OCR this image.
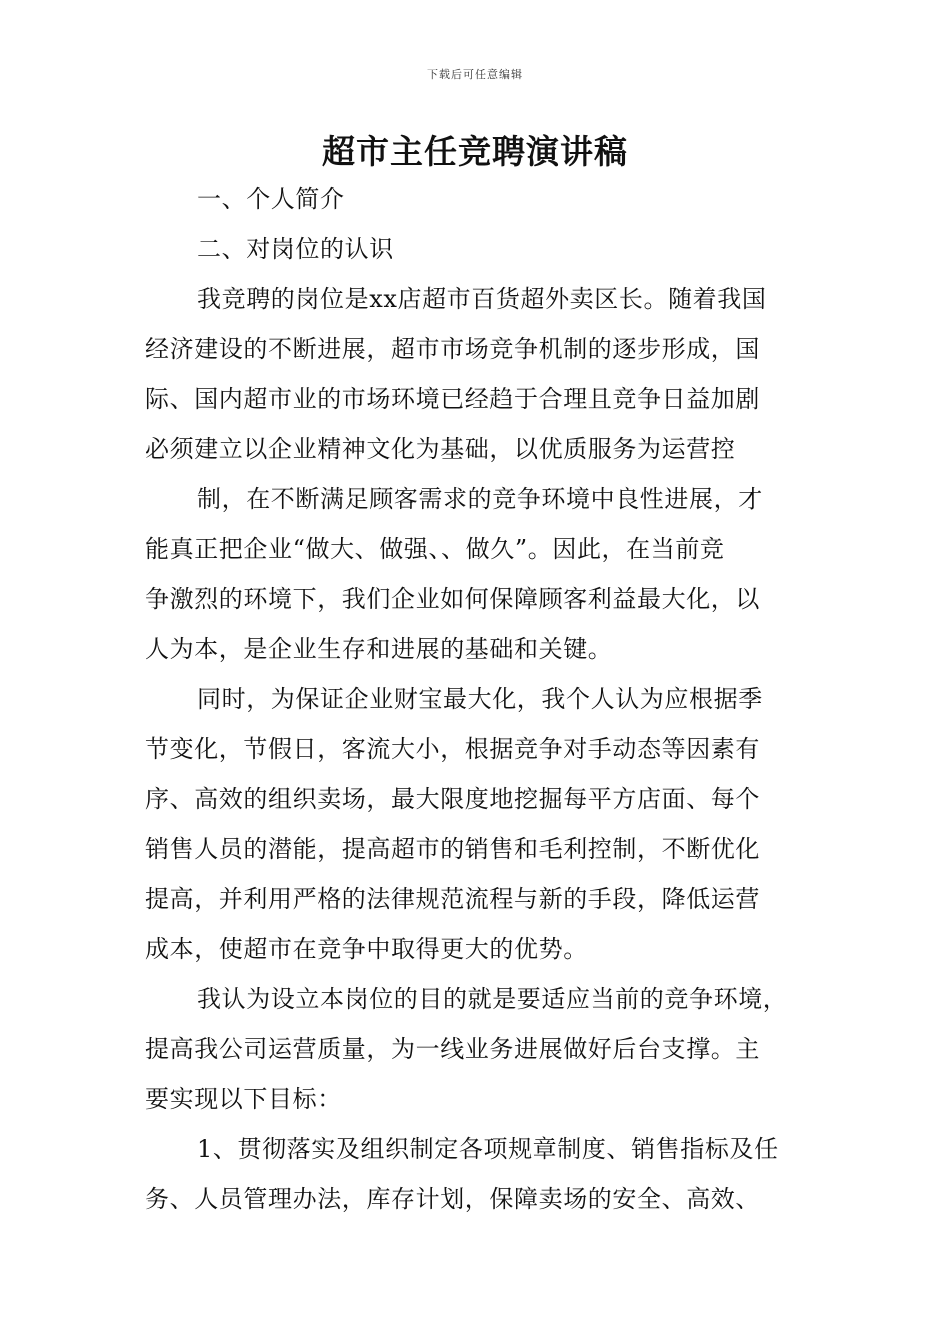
下载后可任意编辑
超市主任竞聘演讲稿
一、个人简介
二、对岗位的认识
我竞聘的岗位是xx店超市百货超外卖区长。随着我国
经济建设的不断进展，超市市场竞争机制的逐步形成，国
际、国内超市业的市场环境已经趋于合理且竞争日益加剧
必须建立以企业精神文化为基础，以优质服务为运营控
制，在不断满足顾客需求的竞争环境中良性进展，才
能真正把企业“做大、做强、、做久”。因此，在当前竞
争激烈的环境下，我们企业如何保障顾客利益最大化，以
人为本，是企业生存和进展的基础和关键。
同时，为保证企业财宝最大化，我个人认为应根据季
节变化，节假日，客流大小，根据竞争对手动态等因素有
序、高效的组织卖场，最大限度地挖掘每平方店面、每个
销售人员的潜能，提高超市的销售和毛利控制，不断优化
提高，并利用严格的法律规范流程与新的手段，降低运营
成本，使超市在竞争中取得更大的优势。
我认为设立本岗位的目的就是要适应当前的竞争环境，
提高我公司运营质量，为一线业务进展做好后台支撑。主
要实现以下目标：
1、贯彻落实及组织制定各项规章制度、销售指标及任
务、人员管理办法，库存计划，保障卖场的安全、高效、
